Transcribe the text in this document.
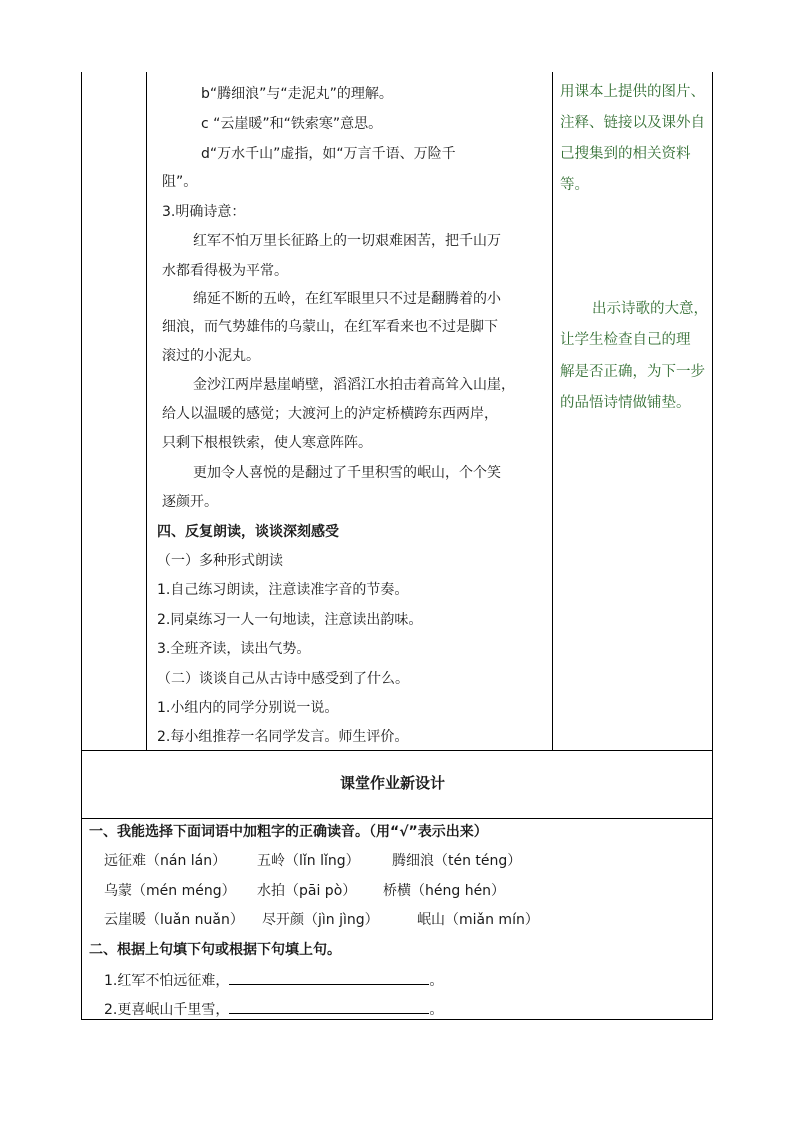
b“腾细浪”与“走泥丸”的理解。
c “云崖暖”和“铁索寒”意思。
d“万水千山”虚指，如“万言千语、万险千
阻”。
3.明确诗意：
红军不怕万里长征路上的一切艰难困苦，把千山万
水都看得极为平常。
绵延不断的五岭，在红军眼里只不过是翻腾着的小
细浪，而气势雄伟的乌蒙山，在红军看来也不过是脚下
滚过的小泥丸。
金沙江两岸悬崖峭壁，滔滔江水拍击着高耸入山崖，
给人以温暖的感觉；大渡河上的泸定桥横跨东西两岸，
只剩下根根铁索，使人寒意阵阵。
更加令人喜悦的是翻过了千里积雪的岷山，个个笑
逐颜开。
四、反复朗读，谈谈深刻感受
（一）多种形式朗读
1.自己练习朗读，注意读准字音的节奏。
2.同桌练习一人一句地读，注意读出韵味。
3.全班齐读，读出气势。
（二）谈谈自己从古诗中感受到了什么。
1.小组内的同学分别说一说。
2.每小组推荐一名同学发言。师生评价。
用课本上提供的图片、
注释、链接以及课外自
己搜集到的相关资料
等。
出示诗歌的大意，
让学生检查自己的理
解是否正确，为下一步
的品悟诗情做铺垫。
课堂作业新设计
一、我能选择下面词语中加粗字的正确读音。（用“√”表示出来）
远征难（nán lán） 五岭（lǐn lǐng） 腾细浪（tén téng）
乌蒙（mén méng） 水拍（pāi pò） 桥横（héng hén）
云崖暖（luǎn nuǎn） 尽开颜（jìn jìng）	岷山（miǎn mín）
二、根据上句填下句或根据下句填上句。
1.红军不怕远征难，	。
2.更喜岷山千里雪，	。
